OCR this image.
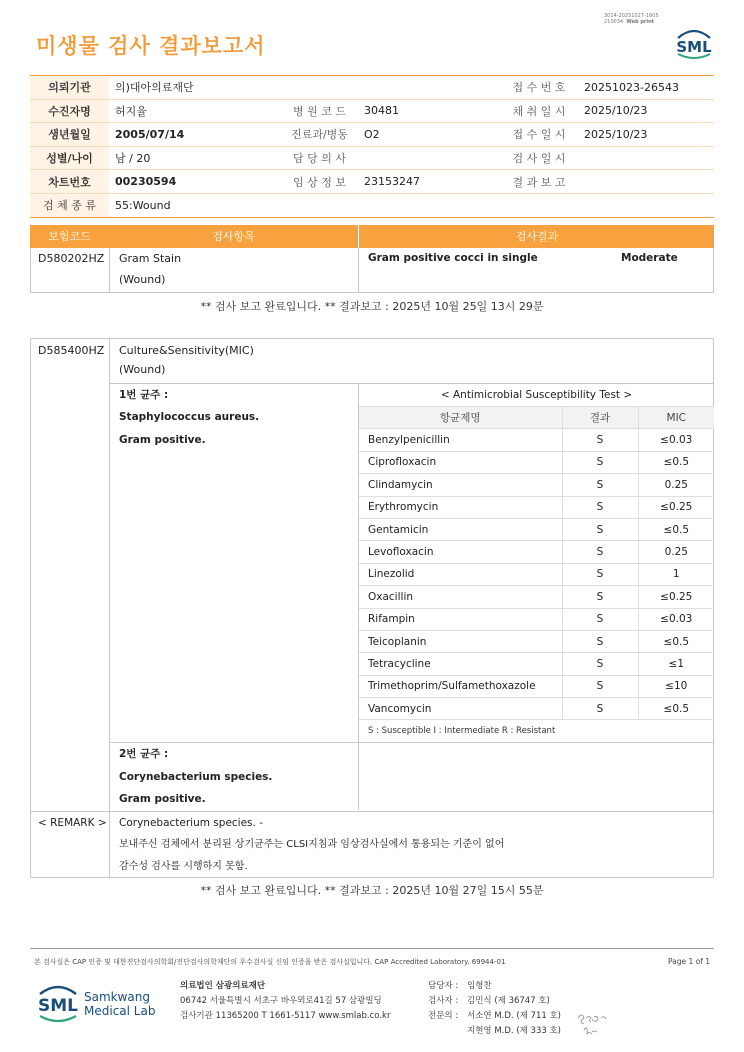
미생물 검사 결과보고서
3014-20251027-1605
210034 Web print
SML
의뢰기관	의)대아의료재단			접 수 번 호	20251023-26543
수진자명	허지율	병 원 코 드	30481	채 취 일 시	2025/10/23
생년월일	2005/07/14	진료과/병동	O2	접 수 일 시	2025/10/23
성별/나이	남 / 20	담 당 의 사		검 사 일 시	
차트번호	00230594	임 상 정 보	23153247	결 과 보 고	
검 체 종 류	55:Wound				
보험코드	검사항목	검사결과
D580202HZ Gram Stain
(Wound)
Gram positive cocci in single	Moderate
** 검사 보고 완료입니다. ** 결과보고 : 2025년 10월 25일 13시 29분
D585400HZ Culture&Sensitivity(MIC)
(Wound)
1번 균주 :
Staphylococcus aureus.
Gram positive.
< Antimicrobial Susceptibility Test >		
항균제명	결과	MIC
Benzylpenicillin	S	≤0.03
Ciprofloxacin	S	≤0.5
Clindamycin	S	0.25
Erythromycin	S	≤0.25
Gentamicin	S	≤0.5
Levofloxacin	S	0.25
Linezolid	S	1
Oxacillin	S	≤0.25
Rifampin	S	≤0.03
Teicoplanin	S	≤0.5
Tetracycline	S	≤1
Trimethoprim/Sulfamethoxazole	S	≤10
Vancomycin	S	≤0.5
S : Susceptible I : Intermediate R : Resistant		
2번 균주 :
Corynebacterium species.
Gram positive.
< REMARK > Corynebacterium species. -
보내주신 검체에서 분리된 상기균주는 CLSI지침과 임상검사실에서 통용되는 기준이 없어
감수성 검사를 시행하지 못함.
** 검사 보고 완료입니다. ** 결과보고 : 2025년 10월 27일 15시 55분
본 검사실은 CAP 인증 및 대한진단검사의학회/진단검사의학재단의 우수검사실 신임 인증을 받은 검사실입니다. CAP Accredited Laboratory. 69944-01	Page 1 of 1
SML Samkwang
Medical Lab
의료법인 삼광의료재단
06742 서울특별시 서초구 바우뫼로41길 57 삼광빌딩
검사기관 11365200 T 1661-5117 www.smlab.co.kr
담당자 : 임형찬
검사자 : 김민식 (제 36747 호)
전문의 : 서소연 M.D. (제 711 호)
지현영 M.D. (제 333 호)
